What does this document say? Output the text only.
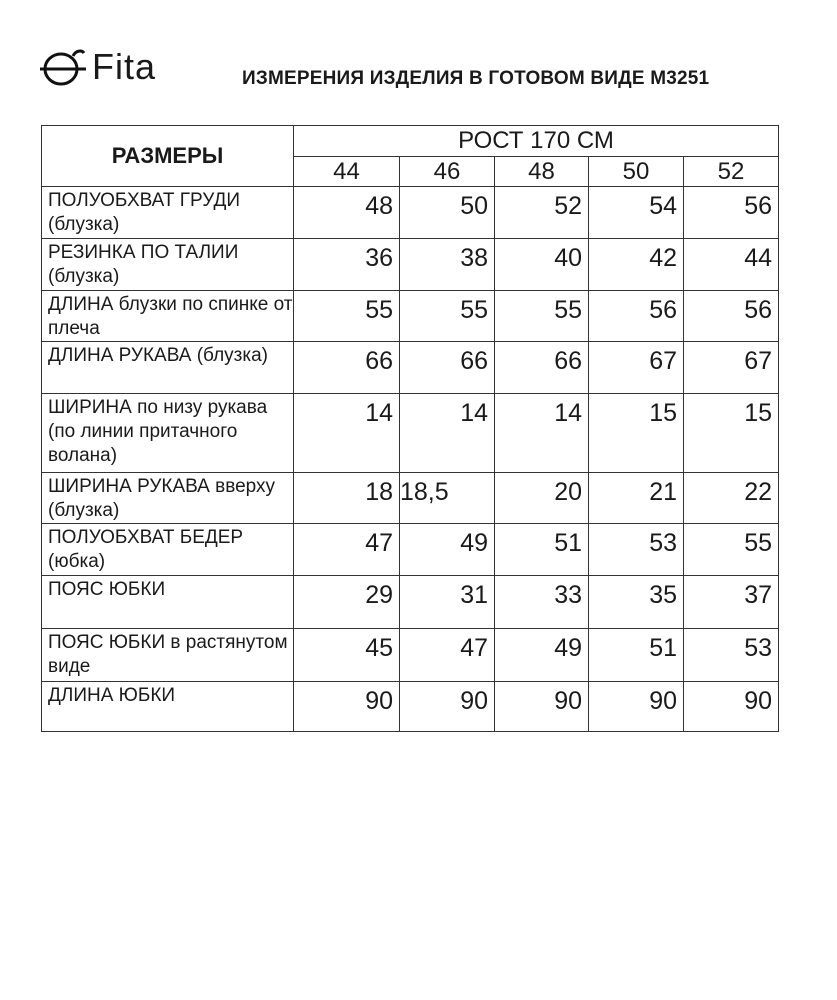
Fita	ИЗМЕРЕНИЯ ИЗДЕЛИЯ В ГОТОВОМ ВИДЕ М3251
РАЗМЕРЫ	РОСТ 170 СМ				
	44	46	48	50	52
ПОЛУОБХВАТ ГРУДИ (блузка)	48	50	52	54	56
РЕЗИНКА ПО ТАЛИИ (блузка)	36	38	40	42	44
ДЛИНА блузки по спинке от плеча	55	55	55	56	56
ДЛИНА РУКАВА (блузка)	66	66	66	67	67
ШИРИНА по низу рукава (по линии притачного волана)	14	14	14	15	15
ШИРИНА РУКАВА вверху (блузка)	18	18,5	20	21	22
ПОЛУОБХВАТ БЕДЕР (юбка)	47	49	51	53	55
ПОЯС ЮБКИ	29	31	33	35	37
ПОЯС ЮБКИ в растянутом виде	45	47	49	51	53
ДЛИНА ЮБКИ	90	90	90	90	90
